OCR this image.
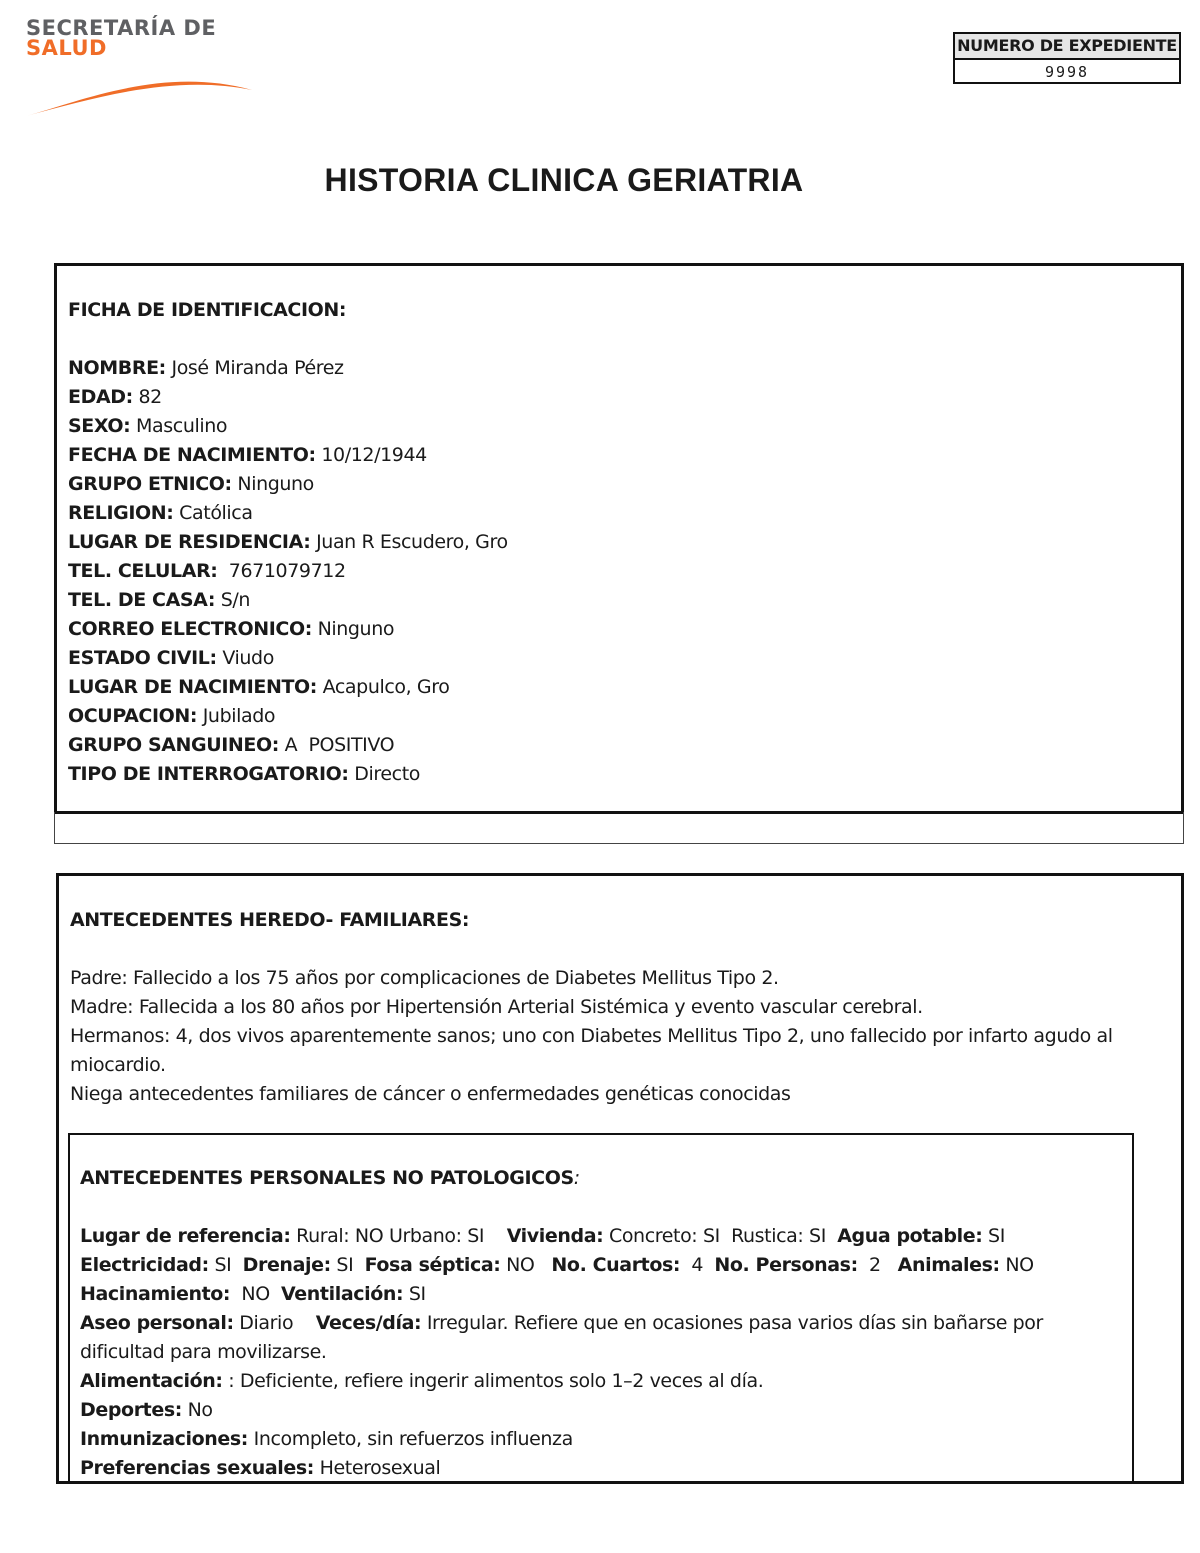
SECRETARÍA DE
SALUD	NUMERO DE EXPEDIENTE
9998
HISTORIA CLINICA GERIATRIA
FICHA DE IDENTIFICACION:
NOMBRE: José Miranda Pérez
EDAD: 82
SEXO: Masculino
FECHA DE NACIMIENTO: 10/12/1944
GRUPO ETNICO: Ninguno
RELIGION: Católica
LUGAR DE RESIDENCIA: Juan R Escudero, Gro
TEL. CELULAR:  7671079712
TEL. DE CASA: S/n
CORREO ELECTRONICO: Ninguno
ESTADO CIVIL: Viudo
LUGAR DE NACIMIENTO: Acapulco, Gro
OCUPACION: Jubilado
GRUPO SANGUINEO: A  POSITIVO
TIPO DE INTERROGATORIO: Directo
ANTECEDENTES HEREDO- FAMILIARES:
Padre: Fallecido a los 75 años por complicaciones de Diabetes Mellitus Tipo 2.
Madre: Fallecida a los 80 años por Hipertensión Arterial Sistémica y evento vascular cerebral.
Hermanos: 4, dos vivos aparentemente sanos; uno con Diabetes Mellitus Tipo 2, uno fallecido por infarto agudo al miocardio.
Niega antecedentes familiares de cáncer o enfermedades genéticas conocidas
ANTECEDENTES PERSONALES NO PATOLOGICOS:
Lugar de referencia: Rural: NO Urbano: SI    Vivienda: Concreto: SI  Rustica: SI  Agua potable: SI
Electricidad: SI  Drenaje: SI  Fosa séptica: NO   No. Cuartos:  4  No. Personas:  2   Animales: NO
Hacinamiento:  NO  Ventilación: SI
Aseo personal: Diario    Veces/día: Irregular. Refiere que en ocasiones pasa varios días sin bañarse por dificultad para movilizarse.
Alimentación: : Deficiente, refiere ingerir alimentos solo 1–2 veces al día.
Deportes: No
Inmunizaciones: Incompleto, sin refuerzos influenza
Preferencias sexuales: Heterosexual
